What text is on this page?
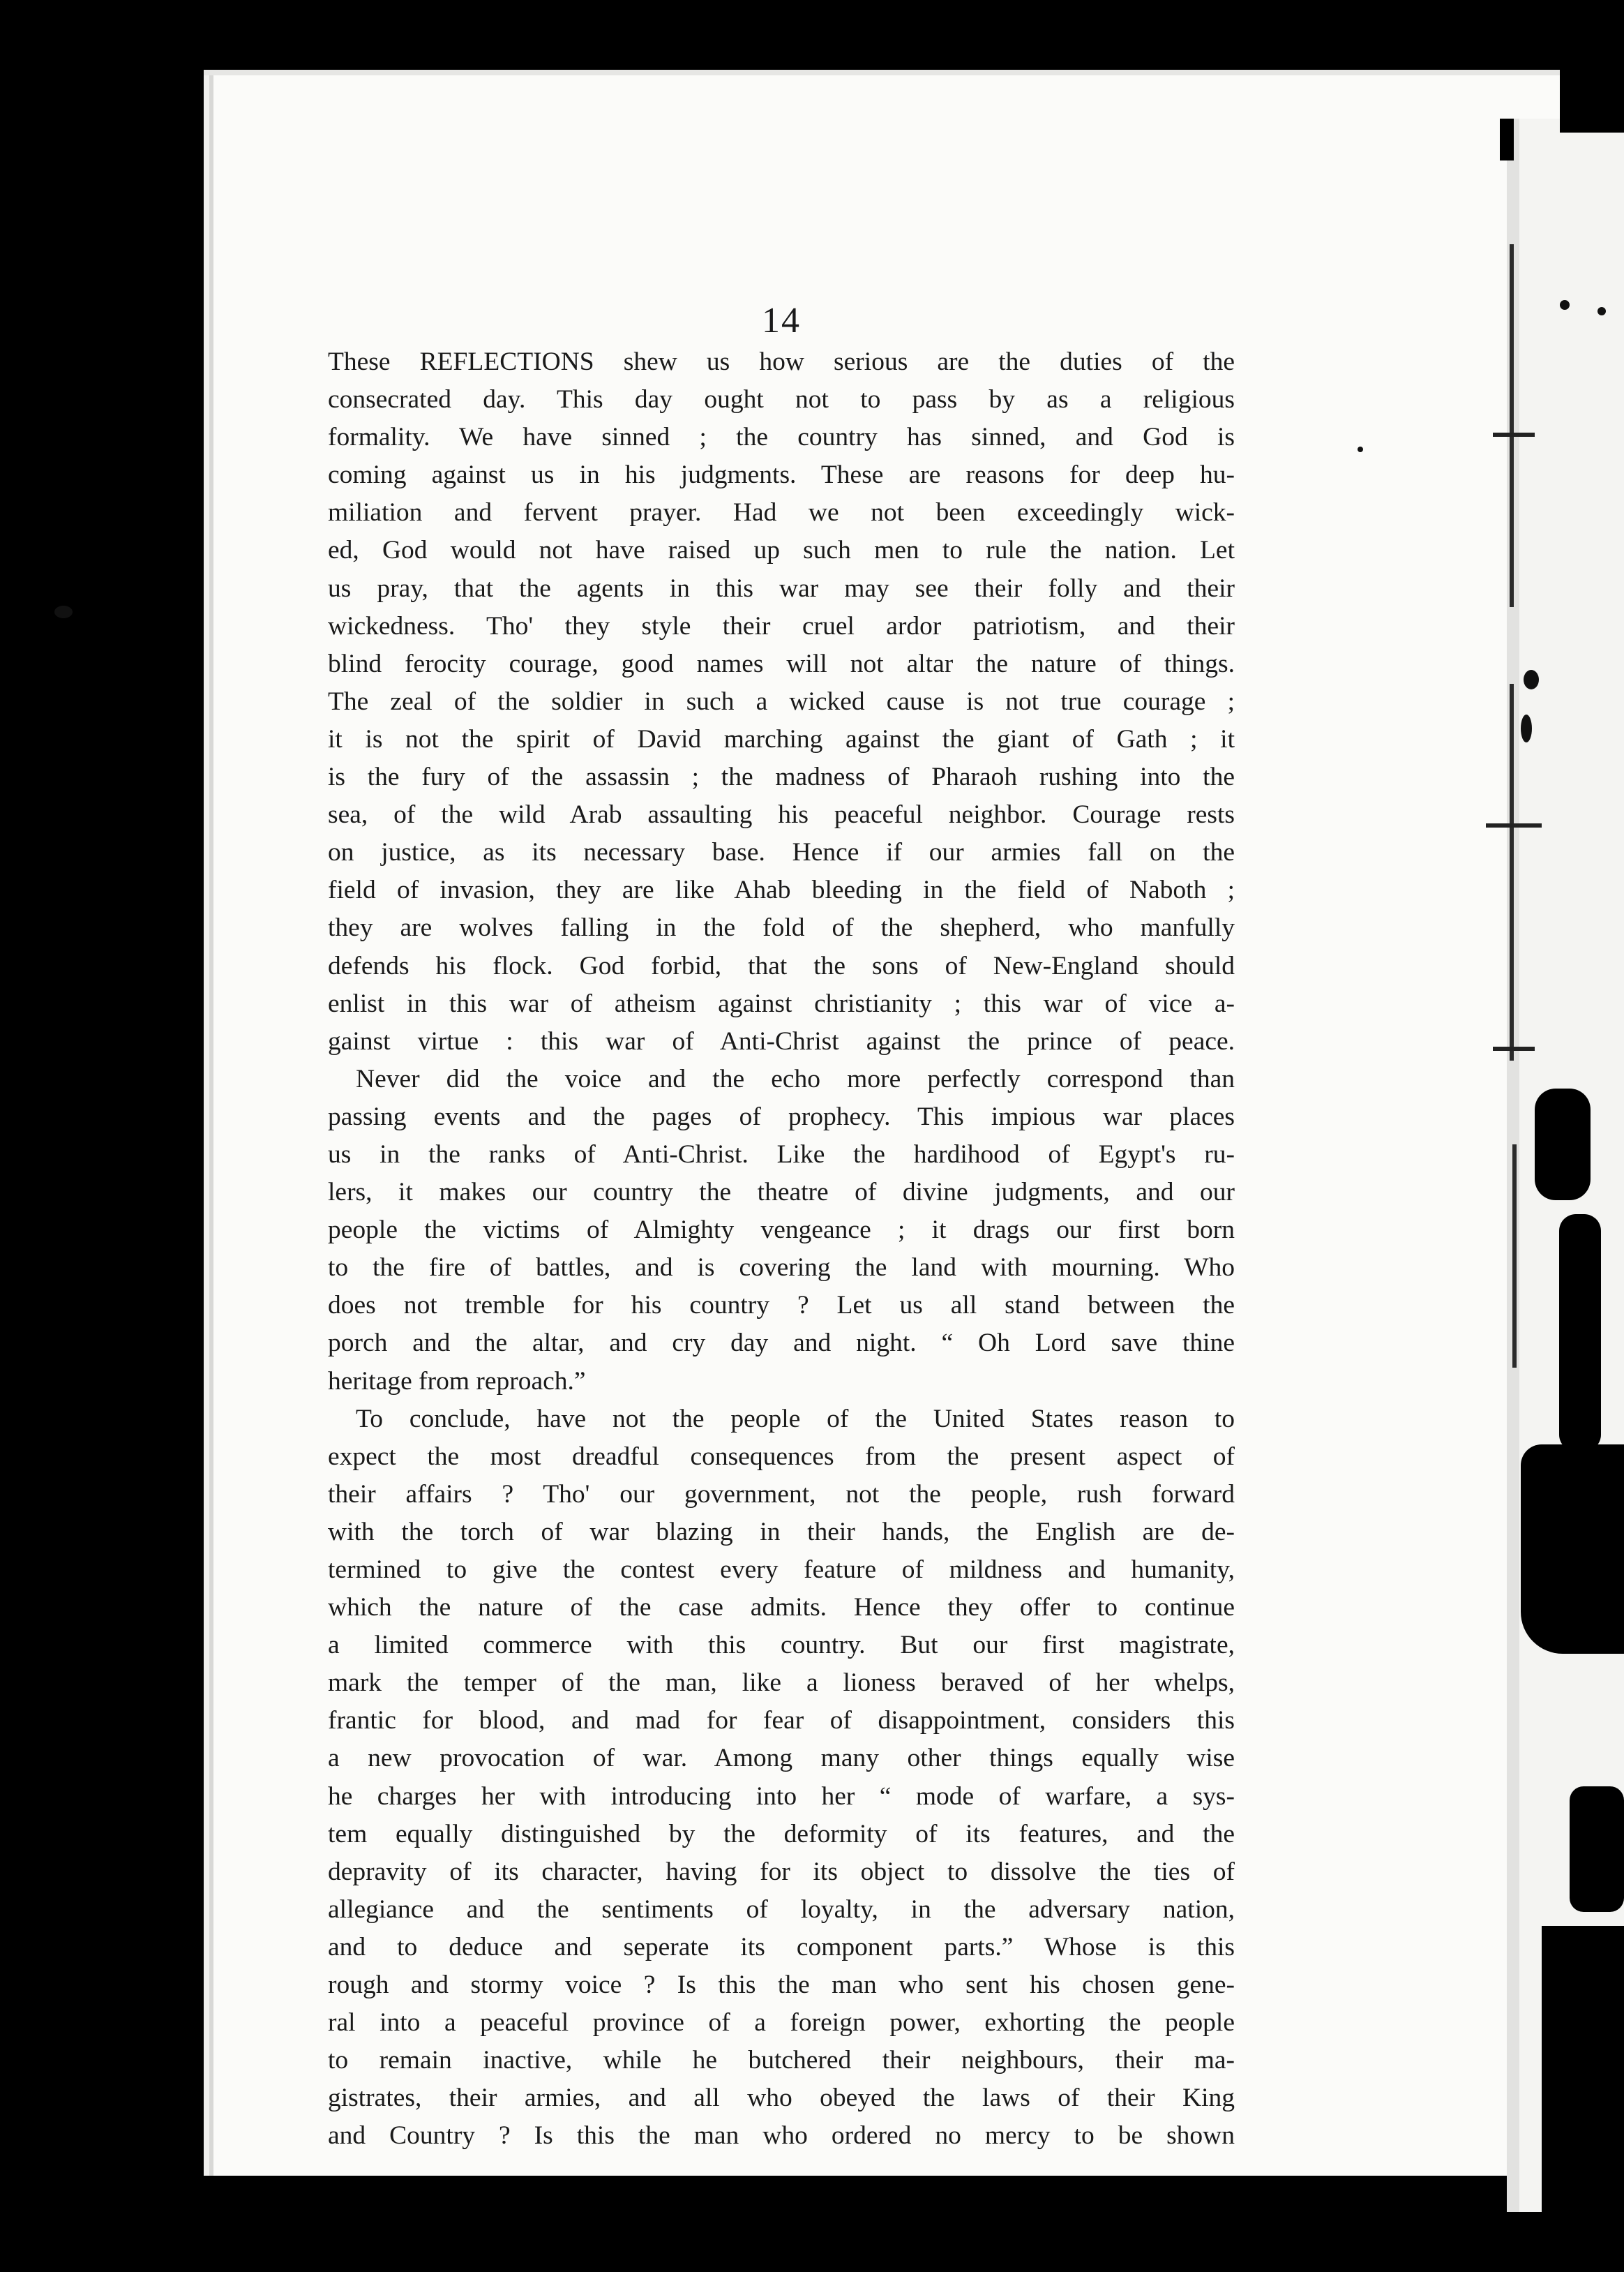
14

These REFLECTIONS shew us how serious are the duties of the
consecrated day. This day ought not to pass by as a religious
formality. We have sinned ; the country has sinned, and God is
coming against us in his judgments. These are reasons for deep hu-
miliation and fervent prayer. Had we not been exceedingly wick-
ed, God would not have raised up such men to rule the nation. Let
us pray, that the agents in this war may see their folly and their
wickedness. Tho' they style their cruel ardor patriotism, and their
blind ferocity courage, good names will not altar the nature of things.
The zeal of the soldier in such a wicked cause is not true courage ;
it is not the spirit of David marching against the giant of Gath ; it
is the fury of the assassin ; the madness of Pharaoh rushing into the
sea, of the wild Arab assaulting his peaceful neighbor. Courage rests
on justice, as its necessary base. Hence if our armies fall on the
field of invasion, they are like Ahab bleeding in the field of Naboth ;
they are wolves falling in the fold of the shepherd, who manfully
defends his flock. God forbid, that the sons of New-England should
enlist in this war of atheism against christianity ; this war of vice a-
gainst virtue : this war of Anti-Christ against the prince of peace.

Never did the voice and the echo more perfectly correspond than
passing events and the pages of prophecy. This impious war places
us in the ranks of Anti-Christ. Like the hardihood of Egypt's ru-
lers, it makes our country the theatre of divine judgments, and our
people the victims of Almighty vengeance ; it drags our first born
to the fire of battles, and is covering the land with mourning. Who
does not tremble for his country ? Let us all stand between the
porch and the altar, and cry day and night. “ Oh Lord save thine
heritage from reproach.”

To conclude, have not the people of the United States reason to
expect the most dreadful consequences from the present aspect of
their affairs ? Tho' our government, not the people, rush forward
with the torch of war blazing in their hands, the English are de-
termined to give the contest every feature of mildness and humanity,
which the nature of the case admits. Hence they offer to continue
a limited commerce with this country. But our first magistrate,
mark the temper of the man, like a lioness beraved of her whelps,
frantic for blood, and mad for fear of disappointment, considers this
a new provocation of war. Among many other things equally wise
he charges her with introducing into her “ mode of warfare, a sys-
tem equally distinguished by the deformity of its features, and the
depravity of its character, having for its object to dissolve the ties of
allegiance and the sentiments of loyalty, in the adversary nation,
and to deduce and seperate its component parts.” Whose is this
rough and stormy voice ? Is this the man who sent his chosen gene-
ral into a peaceful province of a foreign power, exhorting the people
to remain inactive, while he butchered their neighbours, their ma-
gistrates, their armies, and all who obeyed the laws of their King
and Country ? Is this the man who ordered no mercy to be shown
